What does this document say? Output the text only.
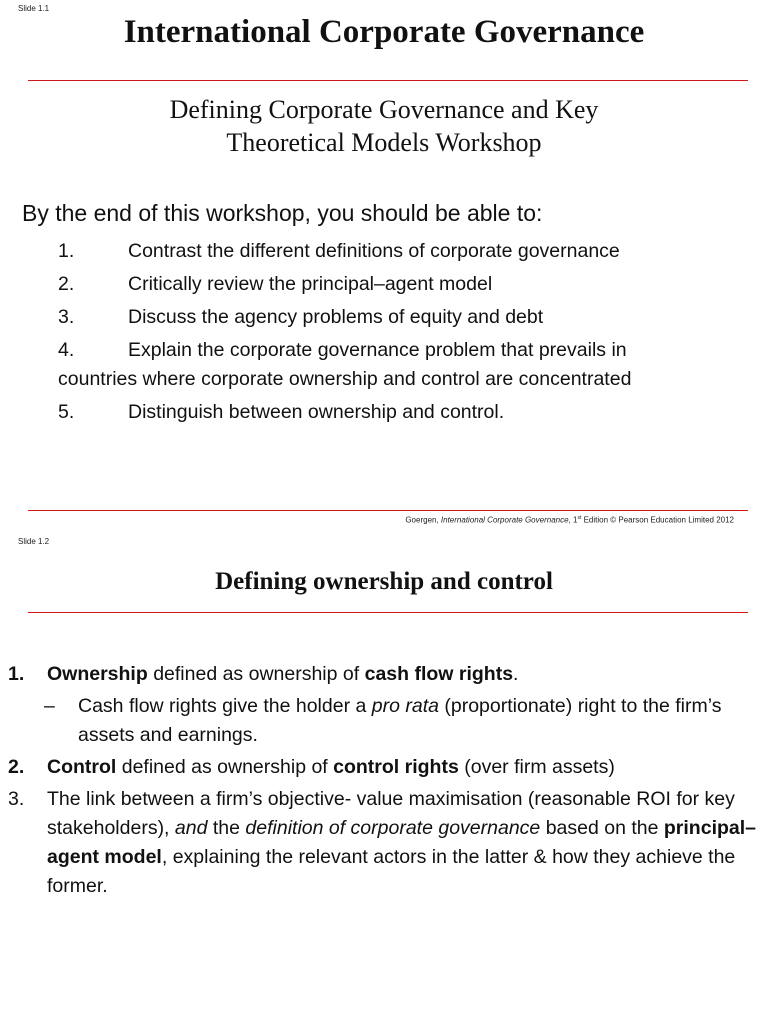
Slide 1.1
International Corporate Governance
Defining Corporate Governance and Key
Theoretical Models Workshop
By the end of this workshop, you should be able to:
1.	Contrast the different definitions of corporate governance
2.	Critically review the principal–agent model
3.	Discuss the agency problems of equity and debt
4.	Explain the corporate governance problem that prevails in
countries where corporate ownership and control are concentrated
5.	Distinguish between ownership and control.
Goergen, International Corporate Governance, 1st Edition © Pearson Education Limited 2012
Slide 1.2
Defining ownership and control
1. Ownership defined as ownership of cash flow rights.
– Cash flow rights give the holder a pro rata (proportionate) right to the firm’s assets and earnings.
2. Control defined as ownership of control rights (over firm assets)
3. The link between a firm’s objective- value maximisation (reasonable ROI for key stakeholders), and the definition of corporate governance based on the principal–agent model, explaining the relevant actors in the latter & how they achieve the former.
